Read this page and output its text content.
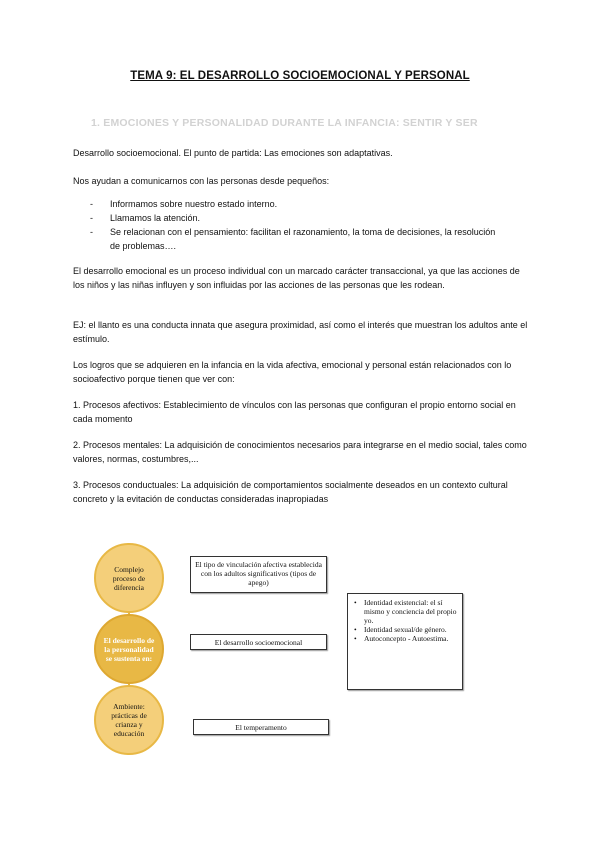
TEMA 9: EL DESARROLLO SOCIOEMOCIONAL Y PERSONAL
1. EMOCIONES Y PERSONALIDAD DURANTE LA INFANCIA: SENTIR Y SER

Desarrollo socioemocional. El punto de partida: Las emociones son adaptativas.

Nos ayudan a comunicarnos con las personas desde pequeños:

- Informamos sobre nuestro estado interno.
- Llamamos la atención.
- Se relacionan con el pensamiento: facilitan el razonamiento, la toma de decisiones, la resolución de problemas….

El desarrollo emocional es un proceso individual con un marcado carácter transaccional, ya que las acciones de los niños y las niñas influyen y son influidas por las acciones de las personas que les rodean.

EJ: el llanto es una conducta innata que asegura proximidad, así como el interés que muestran los adultos ante el estímulo.

Los logros que se adquieren en la infancia en la vida afectiva, emocional y personal están relacionados con lo socioafectivo porque tienen que ver con:

1. Procesos afectivos: Establecimiento de vínculos con las personas que configuran el propio entorno social en cada momento

2. Procesos mentales: La adquisición de conocimientos necesarios para integrarse en el medio social, tales como valores, normas, costumbres,...

3. Procesos conductuales: La adquisición de comportamientos socialmente deseados en un contexto cultural concreto y la evitación de conductas consideradas inapropiadas

Complejo proceso de diferencia
El desarrollo de la personalidad se sustenta en:
Ambiente: prácticas de crianza y educación
El tipo de vinculación afectiva establecida con los adultos significativos (tipos de apego)
El desarrollo socioemocional
El temperamento
• Identidad existencial: el sí mismo y conciencia del propio yo.
• Identidad sexual/de género.
• Autoconcepto - Autoestima.
